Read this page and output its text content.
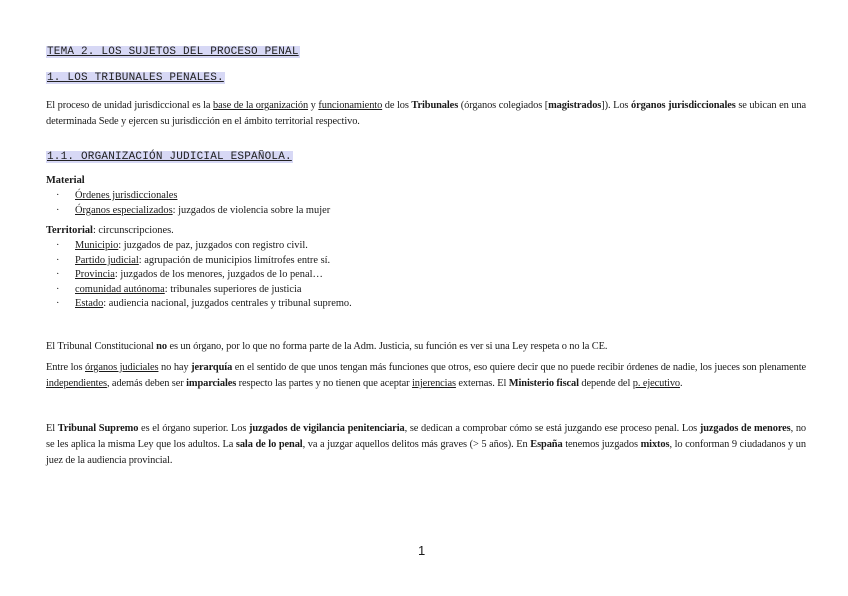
TEMA 2. LOS SUJETOS DEL PROCESO PENAL
1. LOS TRIBUNALES PENALES.
El proceso de unidad jurisdiccional es la base de la organización y funcionamiento de los Tribunales (órganos colegiados [magistrados]). Los órganos jurisdiccionales se ubican en una determinada Sede y ejercen su jurisdicción en el ámbito territorial respectivo.
1.1. ORGANIZACIÓN JUDICIAL ESPAÑOLA.
Material
· Órdenes jurisdiccionales
· Órganos especializados: juzgados de violencia sobre la mujer
Territorial: circunscripciones.
· Municipio: juzgados de paz, juzgados con registro civil.
· Partido judicial: agrupación de municipios limítrofes entre sí.
· Provincia: juzgados de los menores, juzgados de lo penal…
· comunidad autónoma: tribunales superiores de justicia
· Estado: audiencia nacional, juzgados centrales y tribunal supremo.
El Tribunal Constitucional no es un órgano, por lo que no forma parte de la Adm. Justicia, su función es ver si una Ley respeta o no la CE.
Entre los órganos judiciales no hay jerarquía en el sentido de que unos tengan más funciones que otros, eso quiere decir que no puede recibir órdenes de nadie, los jueces son plenamente independientes, además deben ser imparciales respecto las partes y no tienen que aceptar injerencias externas. El Ministerio fiscal depende del p. ejecutivo.
El Tribunal Supremo es el órgano superior. Los juzgados de vigilancia penitenciaria, se dedican a comprobar cómo se está juzgando ese proceso penal. Los juzgados de menores, no se les aplica la misma Ley que los adultos. La sala de lo penal, va a juzgar aquellos delitos más graves (> 5 años). En España tenemos juzgados mixtos, lo conforman 9 ciudadanos y un juez de la audiencia provincial.
1
